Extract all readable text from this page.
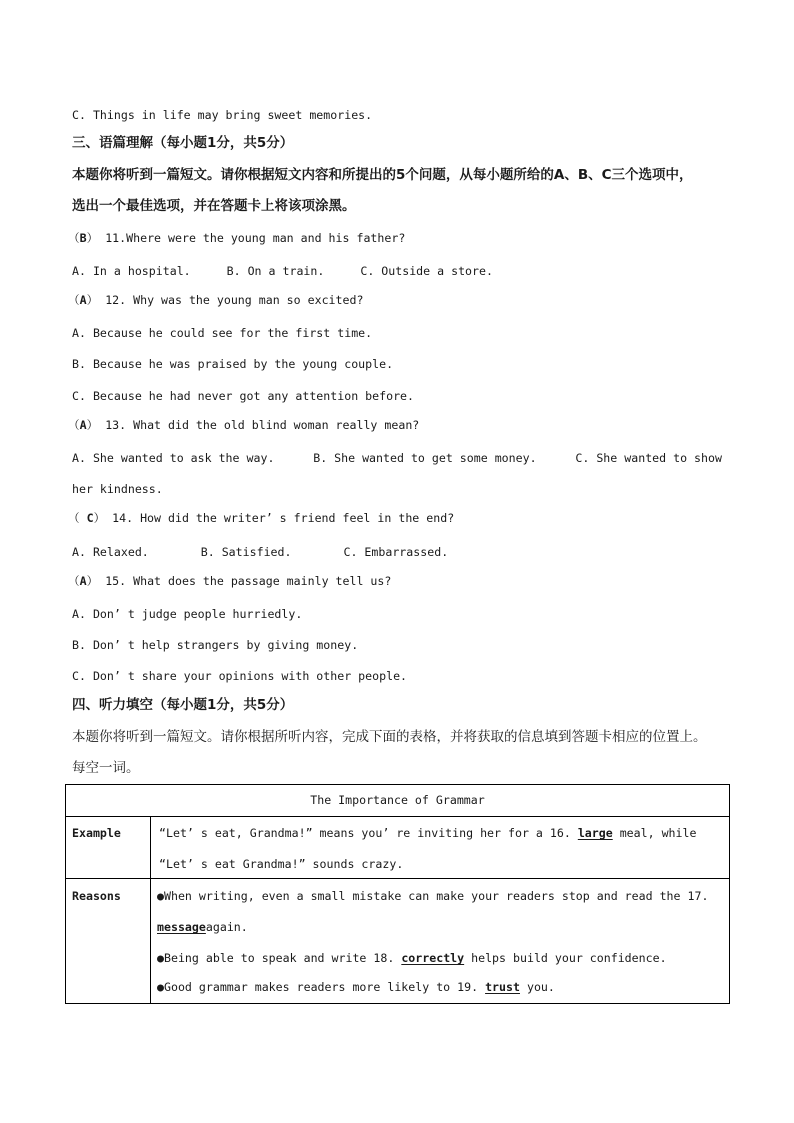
C. Things in life may bring sweet memories.
三、语篇理解（每小题1分，共5分）
本题你将听到一篇短文。请你根据短文内容和所提出的5个问题，从每小题所给的A、B、C三个选项中，
选出一个最佳选项，并在答题卡上将该项涂黑。
（B） 11.Where were the young man and his father?
A. In a hospital.	B. On a train.	C. Outside a store.
（A） 12. Why was the young man so excited?
A. Because he could see for the first time.
B. Because he was praised by the young couple.
C. Because he had never got any attention before.
（A） 13. What did the old blind woman really mean?
A. She wanted to ask the way.	B. She wanted to get some money.	C. She wanted to show
her kindness.
（ C） 14. How did the writer’ s friend feel in the end?
A. Relaxed.	B. Satisfied.	C. Embarrassed.
（A） 15. What does the passage mainly tell us?
A. Don’ t judge people hurriedly.
B. Don’ t help strangers by giving money.
C. Don’ t share your opinions with other people.
四、听力填空（每小题1分，共5分）
本题你将听到一篇短文。请你根据所听内容，完成下面的表格，并将获取的信息填到答题卡相应的位置上。
每空一词。
The Importance of Grammar
Example	“Let’ s eat, Grandma!” means you’ re inviting her for a 16. large meal, while
“Let’ s eat Grandma!” sounds crazy.
Reasons	●When writing, even a small mistake can make your readers stop and read the 17.
messageagain.
●Being able to speak and write 18. correctly helps build your confidence.
●Good grammar makes readers more likely to 19. trust you.
